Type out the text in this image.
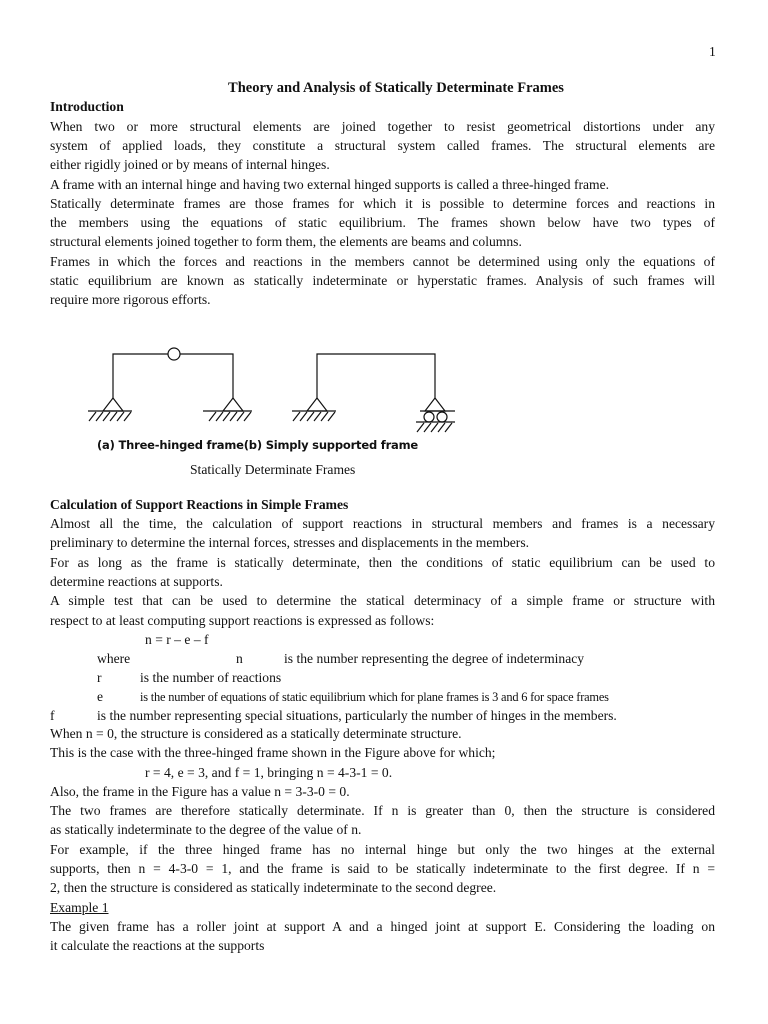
1
Theory and Analysis of Statically Determinate Frames
Introduction
When two or more structural elements are joined together to resist geometrical distortions under any
system of applied loads, they constitute a structural system called frames. The structural elements are
either rigidly joined or by means of internal hinges.
A frame with an internal hinge and having two external hinged supports is called a three-hinged frame.
Statically determinate frames are those frames for which it is possible to determine forces and reactions in
the members using the equations of static equilibrium. The frames shown below have two types of
structural elements joined together to form them, the elements are beams and columns.
Frames in which the forces and reactions in the members cannot be determined using only the equations of
static equilibrium are known as statically indeterminate or hyperstatic frames. Analysis of such frames will
require more rigorous efforts.
(a) Three-hinged frame(b) Simply supported frame
Statically Determinate Frames
Calculation of Support Reactions in Simple Frames
Almost all the time, the calculation of support reactions in structural members and frames is a necessary
preliminary to determine the internal forces, stresses and displacements in the members.
For as long as the frame is statically determinate, then the conditions of static equilibrium can be used to
determine reactions at supports.
A simple test that can be used to determine the statical determinacy of a simple frame or structure with
respect to at least computing support reactions is expressed as follows:
n = r – e – f
where	n	is the number representing the degree of indeterminacy
r	is the number of reactions
e	is the number of equations of static equilibrium which for plane frames is 3 and 6 for space frames
f	is the number representing special situations, particularly the number of hinges in the members.
When n = 0, the structure is considered as a statically determinate structure.
This is the case with the three-hinged frame shown in the Figure above for which;
r = 4, e = 3, and f = 1, bringing n = 4-3-1 = 0.
Also, the frame in the Figure has a value n = 3-3-0 = 0.
The two frames are therefore statically determinate. If n is greater than 0, then the structure is considered
as statically indeterminate to the degree of the value of n.
For example, if the three hinged frame has no internal hinge but only the two hinges at the external
supports, then n = 4-3-0 = 1, and the frame is said to be statically indeterminate to the first degree. If n =
2, then the structure is considered as statically indeterminate to the second degree.
Example 1
The given frame has a roller joint at support A and a hinged joint at support E. Considering the loading on
it calculate the reactions at the supports
